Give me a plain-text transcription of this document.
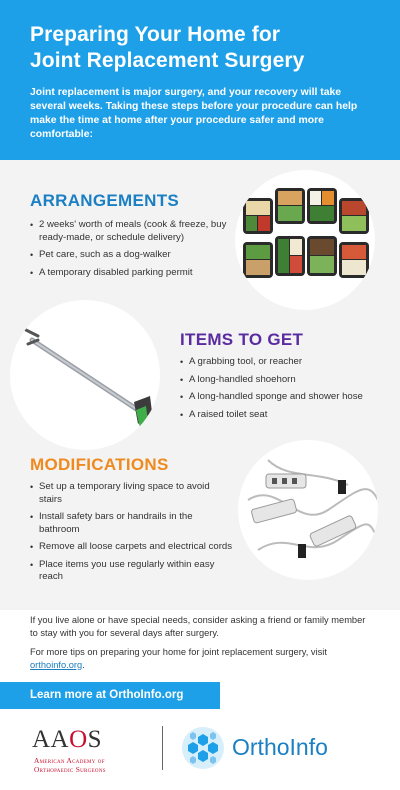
Preparing Your Home for
Joint Replacement Surgery

Joint replacement is major surgery, and your recovery will take several weeks. Taking these steps before your procedure can help make the time at home after your procedure safer and more comfortable:

ARRANGEMENTS
• 2 weeks' worth of meals (cook & freeze, buy ready-made, or schedule delivery)
• Pet care, such as a dog-walker
• A temporary disabled parking permit
ITEMS TO GET
• A grabbing tool, or reacher
• A long-handled shoehorn
• A long-handled sponge and shower hose
• A raised toilet seat
MODIFICATIONS
• Set up a temporary living space to avoid stairs
• Install safety bars or handrails in the bathroom
• Remove all loose carpets and electrical cords
• Place items you use regularly within easy reach

If you live alone or have special needs, consider asking a friend or family member to stay with you for several days after surgery.

For more tips on preparing your home for joint replacement surgery, visit orthoinfo.org.

Learn more at OrthoInfo.org
AAOS
American Academy of
Orthopaedic Surgeons
OrthoInfo
